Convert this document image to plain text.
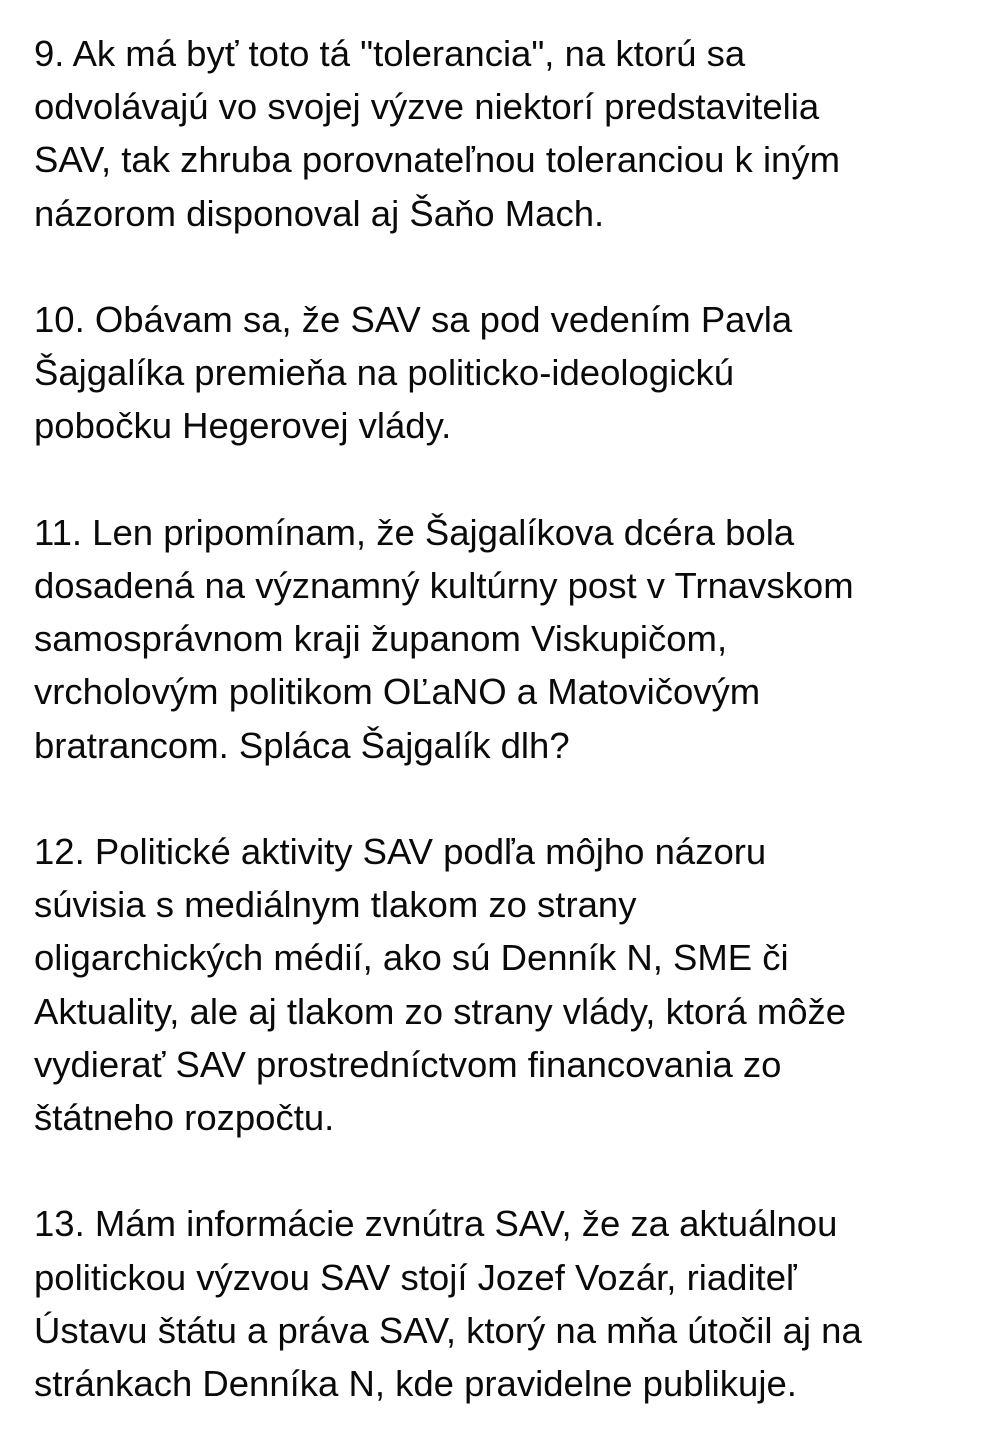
9. Ak má byť toto tá "tolerancia", na ktorú sa
odvolávajú vo svojej výzve niektorí predstavitelia
SAV, tak zhruba porovnateľnou toleranciou k iným
názorom disponoval aj Šaňo Mach.

10. Obávam sa, že SAV sa pod vedením Pavla
Šajgalíka premieňa na politicko-ideologickú
pobočku Hegerovej vlády.

11. Len pripomínam, že Šajgalíkova dcéra bola
dosadená na významný kultúrny post v Trnavskom
samosprávnom kraji županom Viskupičom,
vrcholovým politikom OĽaNO a Matovičovým
bratrancom. Spláca Šajgalík dlh?

12. Politické aktivity SAV podľa môjho názoru
súvisia s mediálnym tlakom zo strany
oligarchických médií, ako sú Denník N, SME či
Aktuality, ale aj tlakom zo strany vlády, ktorá môže
vydierať SAV prostredníctvom financovania zo
štátneho rozpočtu.

13. Mám informácie zvnútra SAV, že za aktuálnou
politickou výzvou SAV stojí Jozef Vozár, riaditeľ
Ústavu štátu a práva SAV, ktorý na mňa útočil aj na
stránkach Denníka N, kde pravidelne publikuje.
